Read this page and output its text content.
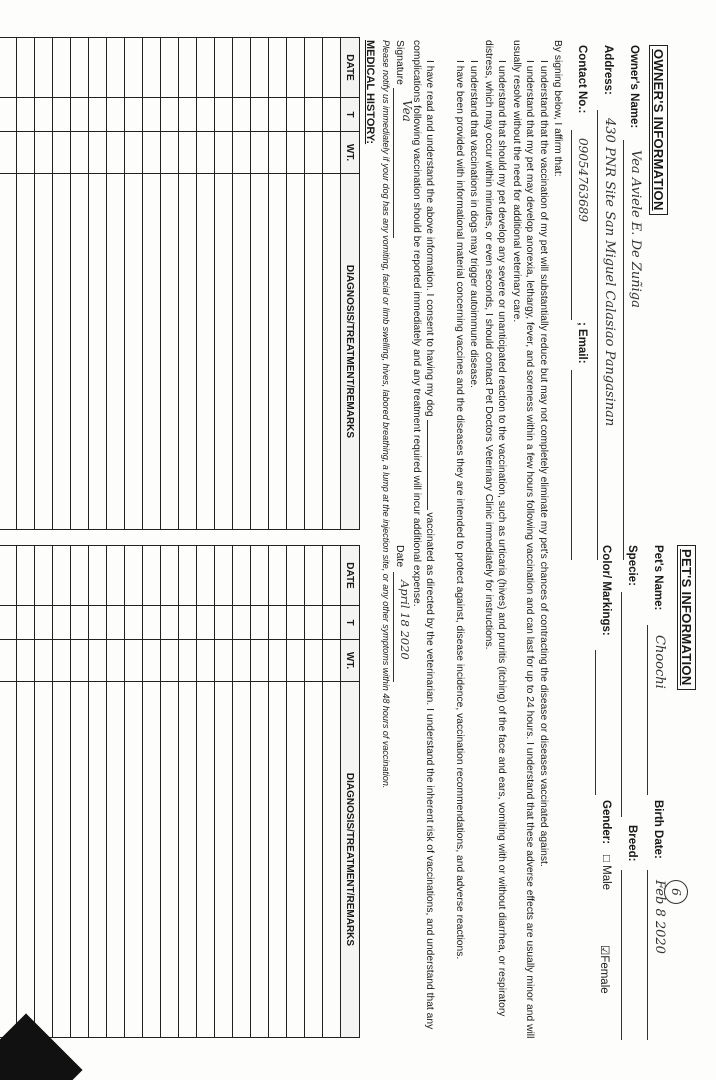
OWNER'S INFORMATION
Owner's Name:
Vea Aviele E. De Zuñiga
Address:
430 PNR Site San Miguel Calasiao Pangasinan
Contact No.:
09054763689
; Email:
PET'S INFORMATION
6
Pet's Name:
Choochi
Birth Date:
Feb 8 2020
Specie:
Breed:
Color/ Markings:
Gender:
□ Male
☑Female
By signing below, I affirm that:
I understand that the vaccination of my pet will substantially reduce but may not completely eliminate my pet's chances of contracting the disease or diseases vaccinated against.
I understand that my pet may develop anorexia, lethargy, fever, and soreness within a few hours following vaccination and can last for up to 24 hours. I understand that these adverse effects are usually minor and will usually resolve without the need for additional veterinary care.
I understand that should my pet develop any severe or unanticipated reaction to the vaccination, such as urticaria (hives) and pruritis (itching) of the face and ears, vomiting with or without diarrhea, or respiratory distress, which may occur within minutes, or even seconds, I should contact Pet Doctors Veterinary Clinic immediately for instructions.
I understand that vaccinations in dogs may trigger autoimmune disease.
I have been provided with informational material concerning vaccines and the diseases they are intended to protect against, disease incidence, vaccination recommendations, and adverse reactions.
I have read and understand the above information. I consent to having my dog  vaccinated as directed by the veterinarian. I understand the inherent risk of vaccinations, and understand that any complications following vaccination should be reported immediately and any treatment required will incur additional expense.
Signature
Vea
Date
April 18 2020
Please notify us immediately if your dog has any vomiting, facial or limb swelling, hives, labored breathing, a lump at the injection site, or any other symptoms within 48 hours of vaccination.
MEDICAL HISTORY:
DATE	T	WT.	DIAGNOSIS/TREATMENT/REMARKS

DATE	T	WT.	DIAGNOSIS/TREATMENT/REMARKS
